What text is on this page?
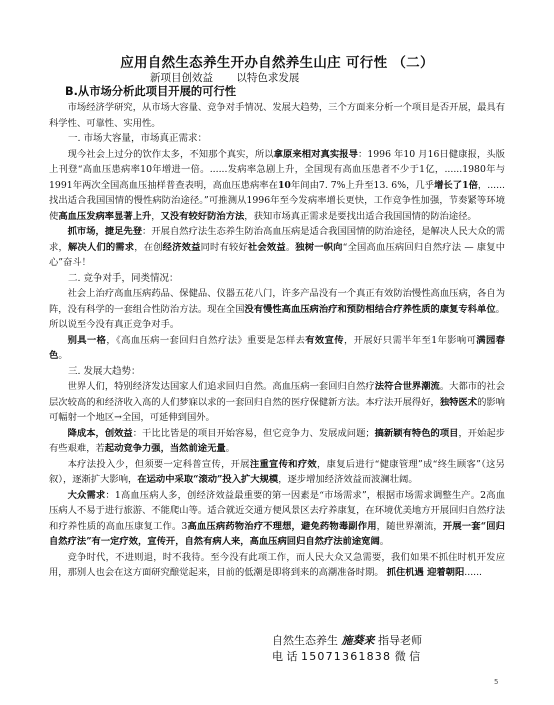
应用自然生态养生开办自然养生山庄 可行性 （二）
新项目创效益 以特色求发展

B.从市场分析此项目开展的可行性

市场经济学研究，从市场大容量、竞争对手情况、发展大趋势，三个方面来分析一个项目是否开展，最具有科学性、可靠性、实用性。

一. 市场大容量，市场真正需求：

现今社会上过分的饮作太多，不知那个真实，所以拿原来相对真实报导：1996 年10 月16日健康报，头版上刊登“高血压患病率10年增进一倍。......发病率急剧上升，全国现有高血压患者不少于1亿，......1980年与1991年两次全国高血压抽样普查表明，高血压患病率在10年间由7. 7%上升至13. 6%，几乎增长了1倍，......找出适合我国国情的慢性病防治途径。”可推测从1996年至今发病率增长更快，工作竞争性加强，节奏紧等环境使高血压发病率显著上升，又没有较好防治方法，获知市场真正需求是要找出适合我国国情的防治途径。

抓市场，捷足先登：开展自然疗法生态养生防治高血压病是适合我国国情的防治途径，是解决人民大众的需求，解决人们的需求，在创经济效益同时有较好社会效益。独树一帜向“全国高血压病回归自然疗法 — 康复中心”奋斗！

二. 竞争对手，同类情况：

社会上治疗高血压病药品、保健品、仪器五花八门，许多产品没有一个真正有效防治慢性高血压病，各自为阵，没有科学的一套组合性防治方法。现在全国没有慢性高血压病治疗和预防相结合疗养性质的康复专科单位。所以说至今没有真正竞争对手。

别具一格，《高血压病一套回归自然疗法》重要是怎样去有效宣传，开展好只需半年至1年影响可满园春色。

三. 发展大趋势：

世界人们，特别经济发达国家人们追求回归自然。高血压病一套回归自然疗法符合世界潮流。大都市的社会层次较高的和经济收入高的人们梦寐以求的一套回归自然的医疗保健新方法。本疗法开展得好，独特医术的影响可幅射一个地区→全国，可延伸到国外。

降成本，创效益：干比比皆是的项目开始容易，但它竞争力、发展成问题；搞新颖有特色的项目，开始起步有些艰难，若起动竞争力强，当然前途无量。

本疗法投入少，但须要一定科普宣传，开展注重宣传和疗效，康复后进行“健康管理”成“终生顾客”（这另叙），逐渐扩大影响，在运动中采取“滚动”投入扩大规模，逐步增加经济效益而波澜壮阔。

大众需求：1高血压病人多，创经济效益最重要的第一因素是“市场需求”，根据市场需求调整生产。2高血压病人不易于进行旅游、不能爬山等。适合就近交通方便风景区去疗养康复，在环境优美地方开展回归自然疗法和疗养性质的高血压康复工作。3高血压病药物治疗不理想，避免药物毒副作用，随世界潮流，开展一套“回归自然疗法”有一定疗效，宣传开，自然有病人来，高血压病回归自然疗法前途宽阔。

竞争时代，不进则退，时不我待。至今没有此项工作，而人民大众又急需要，我们如果不抓住时机开发应用，那别人也会在这方面研究酿觉起来，目前的低潮是即将到来的高潮准备时期。 抓住机遇 迎着朝阳......

自然生态养生 施葵来 指导老师
电 话 15071361838 微 信
5
